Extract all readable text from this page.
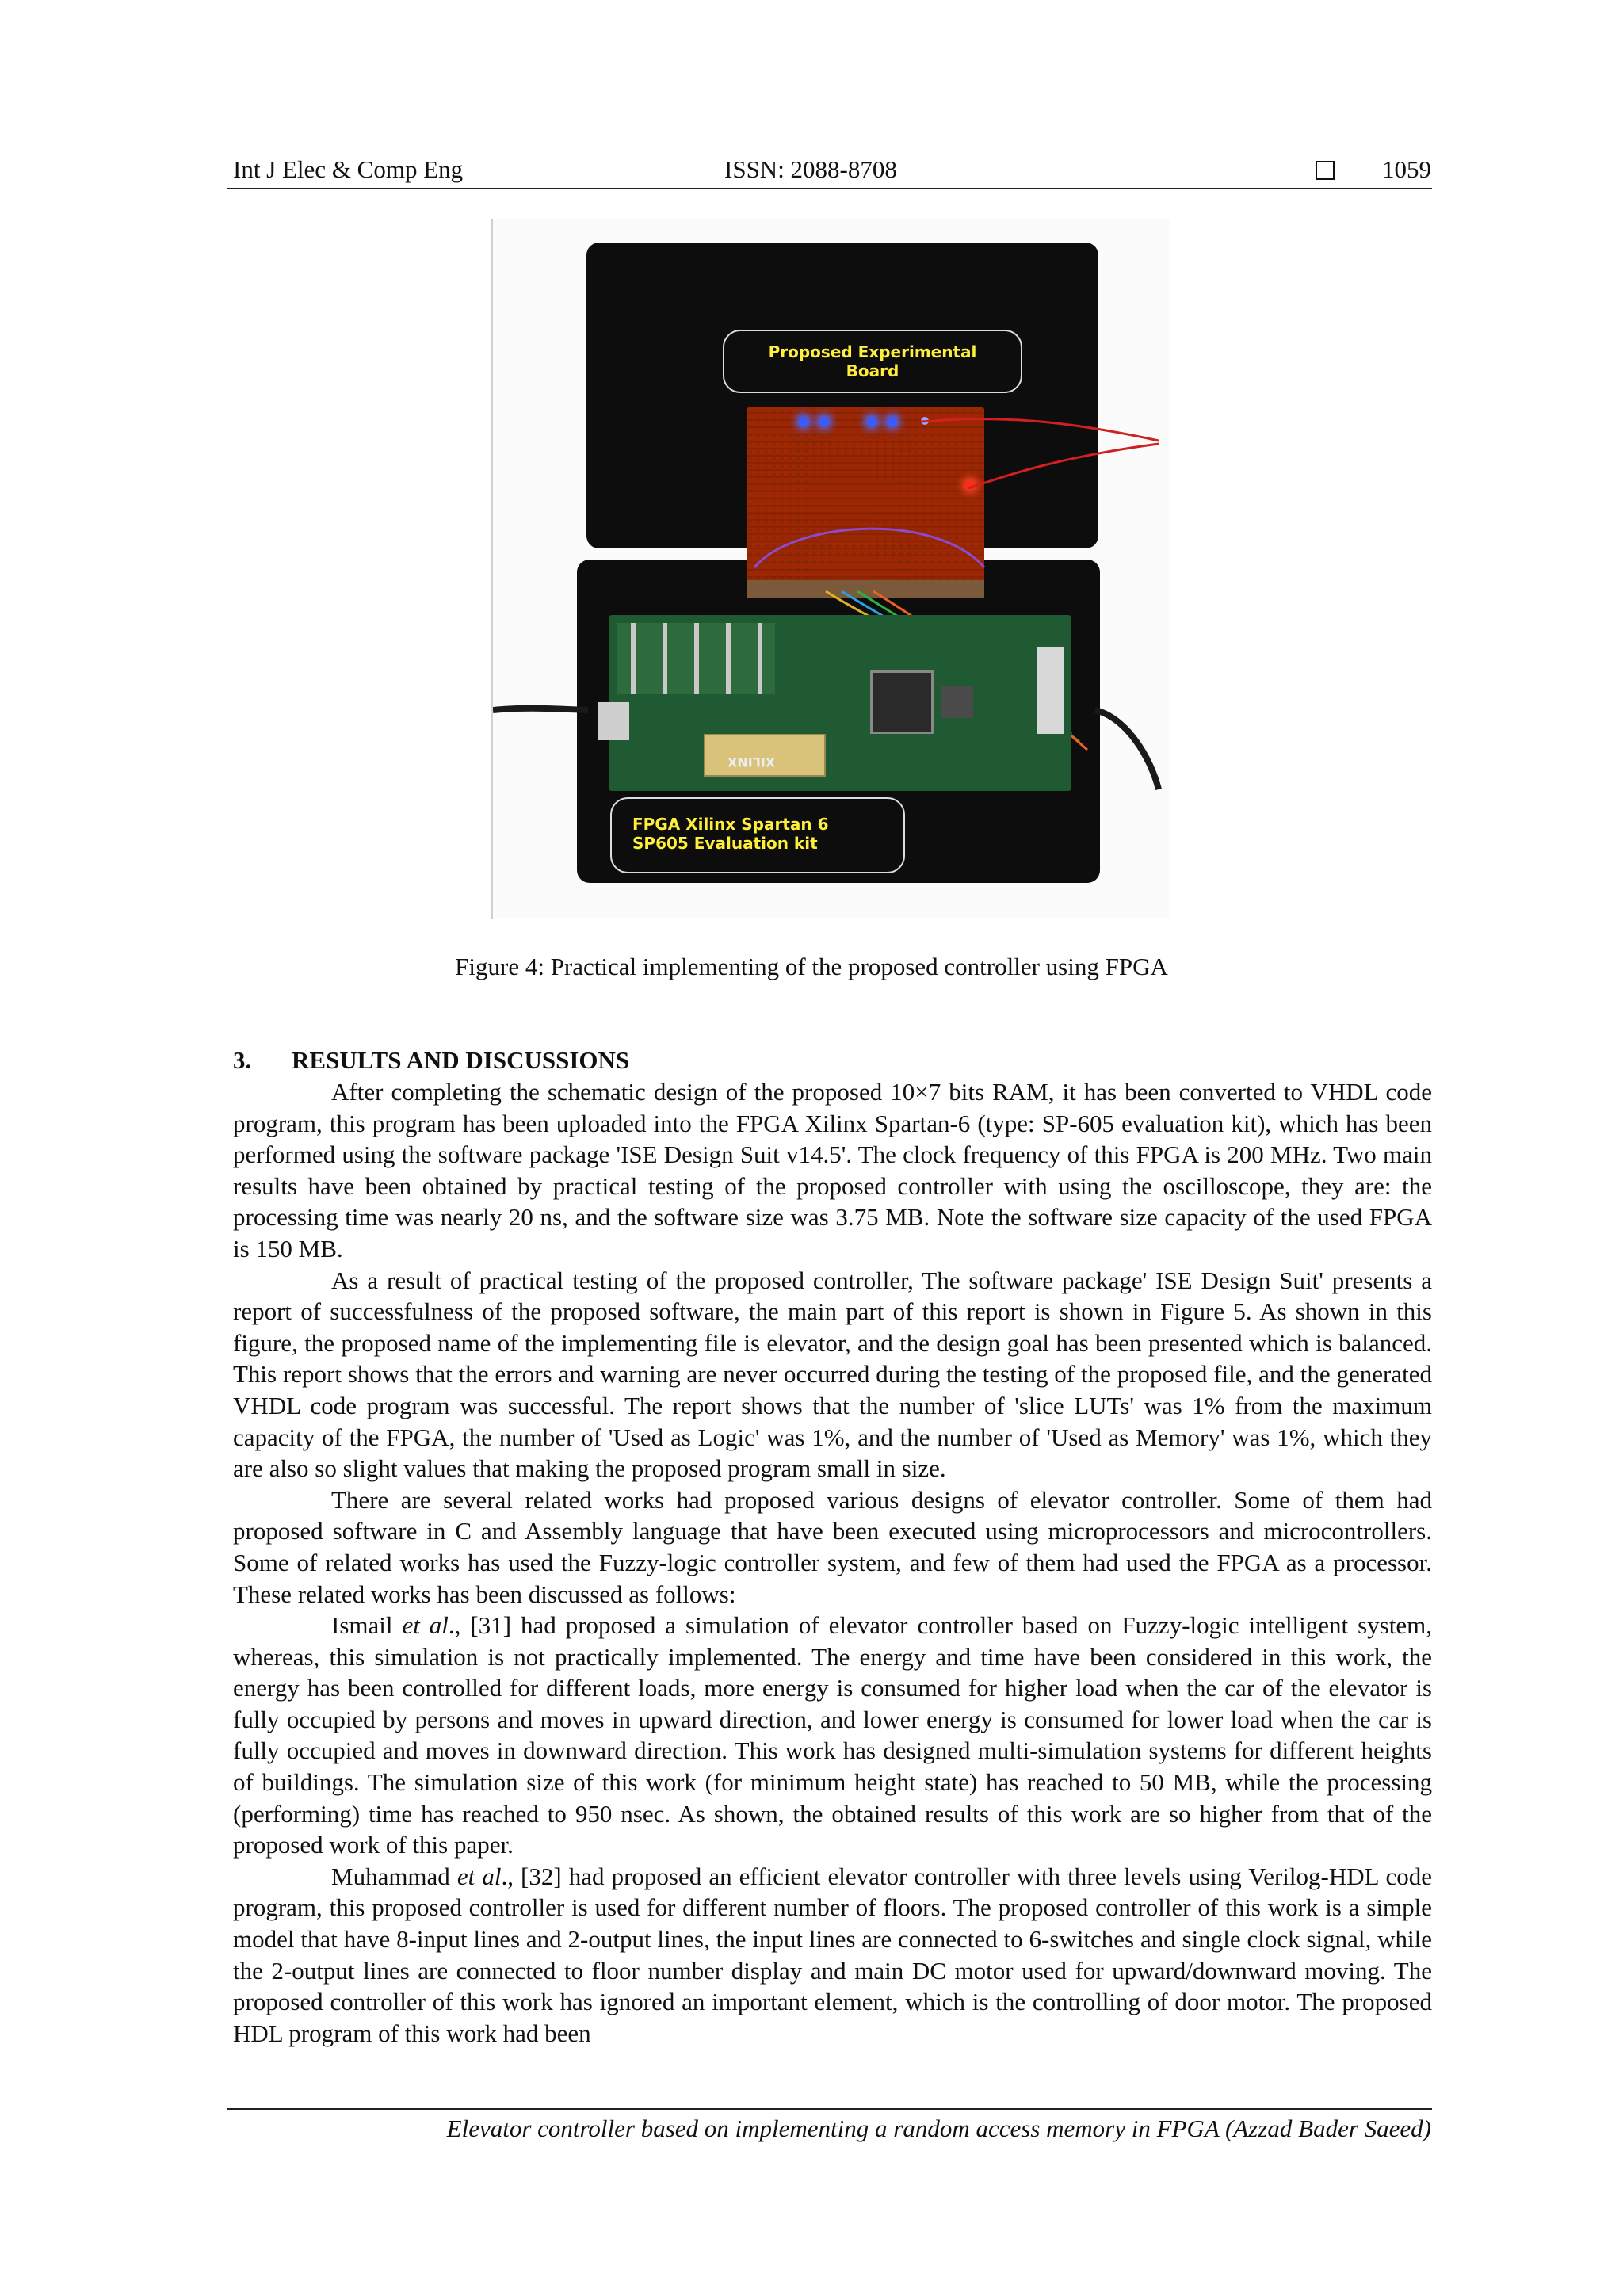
Int J Elec & Comp Eng	ISSN: 2088-8708	1059
Proposed Experimental
Board
XILINX
FPGA Xilinx Spartan 6
SP605 Evaluation kit
Figure 4: Practical implementing of the proposed controller using FPGA
3. RESULTS AND DISCUSSIONS

After completing the schematic design of the proposed 10×7 bits RAM, it has been converted to VHDL code program, this program has been uploaded into the FPGA Xilinx Spartan-6 (type: SP-605 evaluation kit), which has been performed using the software package 'ISE Design Suit v14.5'. The clock frequency of this FPGA is 200 MHz. Two main results have been obtained by practical testing of the proposed controller with using the oscilloscope, they are: the processing time was nearly 20 ns, and the software size was 3.75 MB. Note the software size capacity of the used FPGA is 150 MB.

As a result of practical testing of the proposed controller, The software package' ISE Design Suit' presents a report of successfulness of the proposed software, the main part of this report is shown in Figure 5. As shown in this figure, the proposed name of the implementing file is elevator, and the design goal has been presented which is balanced. This report shows that the errors and warning are never occurred during the testing of the proposed file, and the generated VHDL code program was successful. The report shows that the number of 'slice LUTs' was 1% from the maximum capacity of the FPGA, the number of 'Used as Logic' was 1%, and the number of 'Used as Memory' was 1%, which they are also so slight values that making the proposed program small in size.

There are several related works had proposed various designs of elevator controller. Some of them had proposed software in C and Assembly language that have been executed using microprocessors and microcontrollers. Some of related works has used the Fuzzy-logic controller system, and few of them had used the FPGA as a processor. These related works has been discussed as follows:

Ismail et al., [31] had proposed a simulation of elevator controller based on Fuzzy-logic intelligent system, whereas, this simulation is not practically implemented. The energy and time have been considered in this work, the energy has been controlled for different loads, more energy is consumed for higher load when the car of the elevator is fully occupied by persons and moves in upward direction, and lower energy is consumed for lower load when the car is fully occupied and moves in downward direction. This work has designed multi-simulation systems for different heights of buildings. The simulation size of this work (for minimum height state) has reached to 50 MB, while the processing (performing) time has reached to 950 nsec. As shown, the obtained results of this work are so higher from that of the proposed work of this paper.

Muhammad et al., [32] had proposed an efficient elevator controller with three levels using Verilog-HDL code program, this proposed controller is used for different number of floors. The proposed controller of this work is a simple model that have 8-input lines and 2-output lines, the input lines are connected to 6-switches and single clock signal, while the 2-output lines are connected to floor number display and main DC motor used for upward/downward moving. The proposed controller of this work has ignored an important element, which is the controlling of door motor. The proposed HDL program of this work had been

Elevator controller based on implementing a random access memory in FPGA (Azzad Bader Saeed)
